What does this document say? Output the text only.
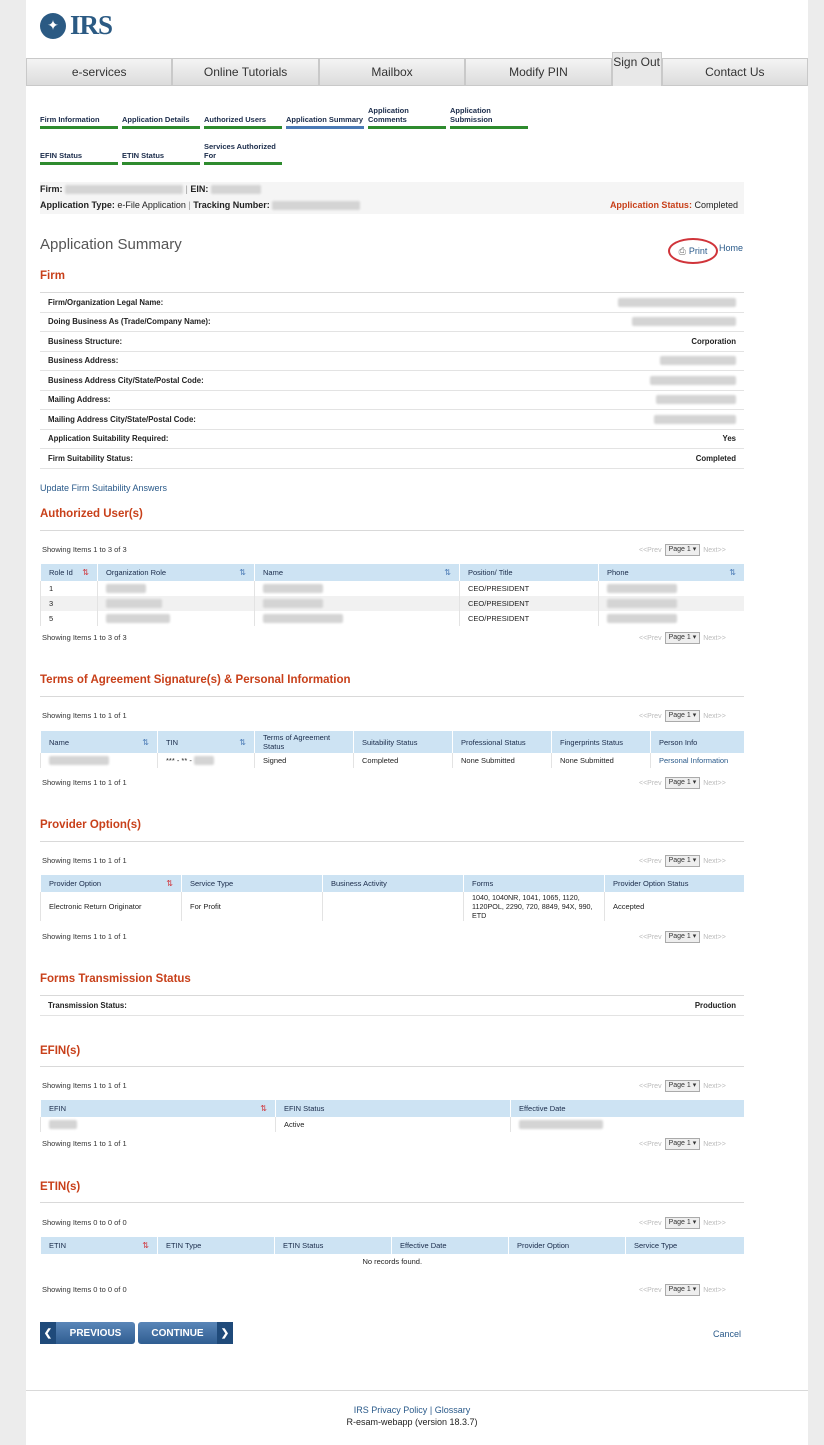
✦ IRS
e-services	Online Tutorials	Mailbox	Modify PIN
Sign Out
Contact Us
Firm Information	Application Details	Authorized Users	Application Summary
Application Comments
Application Submission
EFIN Status	ETIN Status
Services Authorized For
Firm:	| EIN:
Application Type: e-File Application | Tracking Number:	Application Status: Completed
Application Summary	⎙ Print Home
Firm
Firm/Organization Legal Name:
Doing Business As (Trade/Company Name):
Business Structure:	Corporation
Business Address:
Business Address City/State/Postal Code:
Mailing Address:
Mailing Address City/State/Postal Code:
Application Suitability Required:	Yes
Firm Suitability Status:	Completed
Update Firm Suitability Answers
Authorized User(s)
Showing Items 1 to 3 of 3	<<Prev	Page 1 ▾	Next>>
Role Id ⇅	Organization Role ⇅	Name ⇅	Position/ Title	Phone ⇅

1			CEO/PRESIDENT	
3			CEO/PRESIDENT	
5			CEO/PRESIDENT	
Showing Items 1 to 3 of 3	<<Prev	Page 1 ▾	Next>>
Terms of Agreement Signature(s) & Personal Information
Showing Items 1 to 1 of 1	<<Prev	Page 1 ▾	Next>>
Name ⇅	TIN ⇅	Terms of Agreement Status	Suitability Status	Professional Status	Fingerprints Status	Person Info
	*** - ** -	Signed	Completed	None Submitted	None Submitted	Personal Information
Showing Items 1 to 1 of 1	<<Prev	Page 1 ▾	Next>>
Provider Option(s)
Showing Items 1 to 1 of 1	<<Prev	Page 1 ▾	Next>>
Provider Option ⇅	Service Type	Business Activity	Forms	Provider Option Status
Electronic Return Originator	For Profit		1040, 1040NR, 1041, 1065, 1120, 1120POL, 2290, 720, 8849, 94X, 990, ETD	Accepted
Showing Items 1 to 1 of 1	<<Prev	Page 1 ▾	Next>>
Forms Transmission Status
Transmission Status:	Production
EFIN(s)
Showing Items 1 to 1 of 1	<<Prev	Page 1 ▾	Next>>
EFIN ⇅	EFIN Status	Effective Date
	Active	
Showing Items 1 to 1 of 1	<<Prev	Page 1 ▾	Next>>
ETIN(s)
Showing Items 0 to 0 of 0	<<Prev	Page 1 ▾	Next>>
ETIN	⇅	ETIN Type	ETIN Status	Effective Date	Provider Option	Service Type
No records found.
Showing Items 0 to 0 of 0	<<Prev	Page 1 ▾	Next>>
❮	PREVIOUS	CONTINUE	❯	Cancel
IRS Privacy Policy | Glossary
R-esam-webapp (version 18.3.7)
